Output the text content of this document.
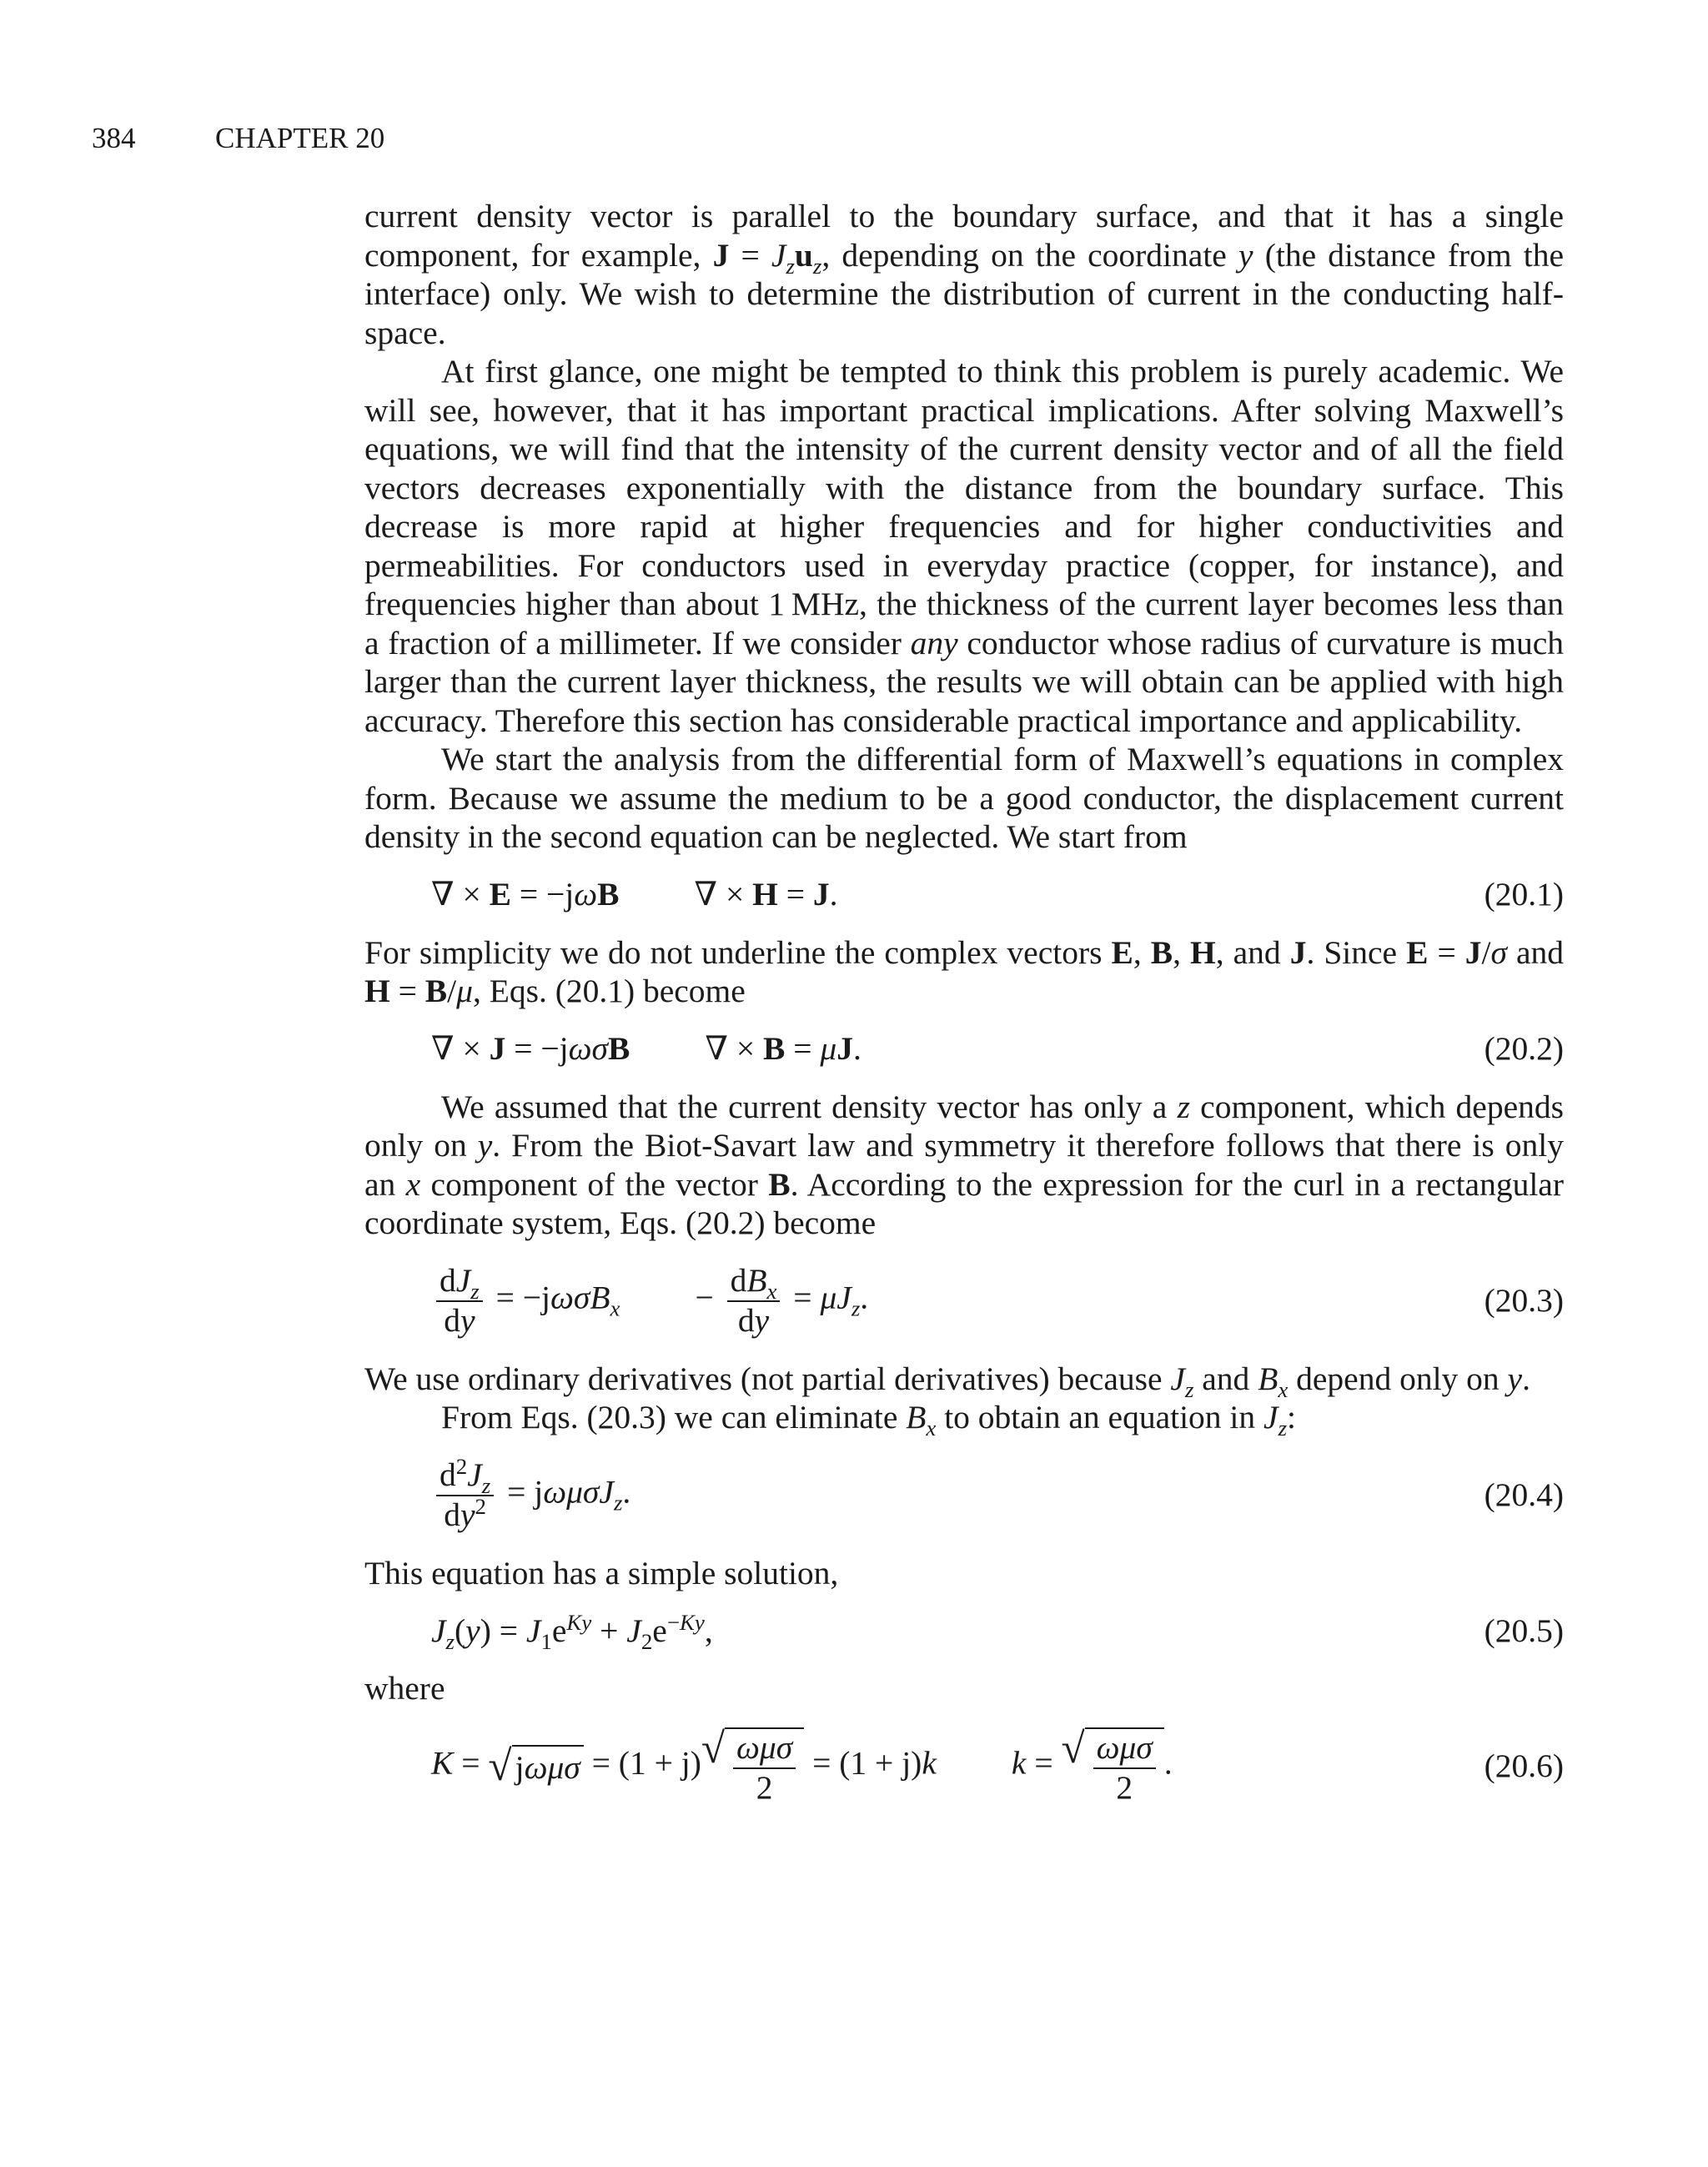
384	CHAPTER 20

current density vector is parallel to the boundary surface, and that it has a single component, for example, $J = J_zu_z$, depending on the coordinate y (the distance from the interface) only. We wish to determine the distribution of current in the conducting half-space.

At first glance, one might be tempted to think this problem is purely academic. We will see, however, that it has important practical implications. After solving Maxwell’s equations, we will find that the intensity of the current density vector and of all the field vectors decreases exponentially with the distance from the boundary surface. This decrease is more rapid at higher frequencies and for higher conductivities and permeabilities. For conductors used in everyday practice (copper, for instance), and frequencies higher than about 1 MHz, the thickness of the current layer becomes less than a fraction of a millimeter. If we consider any conductor whose radius of curvature is much larger than the current layer thickness, the results we will obtain can be applied with high accuracy. Therefore this section has considerable practical importance and applicability.

We start the analysis from the differential form of Maxwell’s equations in complex form. Because we assume the medium to be a good conductor, the displacement current density in the second equation can be neglected. We start from

∇ × E = −jωB ∇ × H = J.	(20.1)

For simplicity we do not underline the complex vectors E, B, H, and J. Since E = J/σ and H = B/μ, Eqs. (20.1) become

∇ × J = −jωσB ∇ × B = μJ.	(20.2)

We assumed that the current density vector has only a z component, which depends only on y. From the Biot-Savart law and symmetry it therefore follows that there is only an x component of the vector B. According to the expression for the curl in a rectangular coordinate system, Eqs. (20.2) become

$\frac{dJ_z}{dy} = -j\omega\sigma B_x - \frac{dB_x}{dy} = \mu J_z$.	(20.3)

We use ordinary derivatives (not partial derivatives) because $J_z$ and $B_x$ depend only on y.

From Eqs. (20.3) we can eliminate $B_x$ to obtain an equation in $J_z$:

$\frac{d^2J_z}{dy^2} = j\omega\mu\sigma J_z$.	(20.4)

This equation has a simple solution,

$J_z(y) = J_1e^{Ky} + J_2e^{-Ky}$,	(20.5)

where

K = √ j ωμσ = (1 + j) √ $\frac{\text{ωμσ}}{2} = (1 + j)k$ k = √ $\frac{\text{ωμσ}}{2}$ .	(20.6)
